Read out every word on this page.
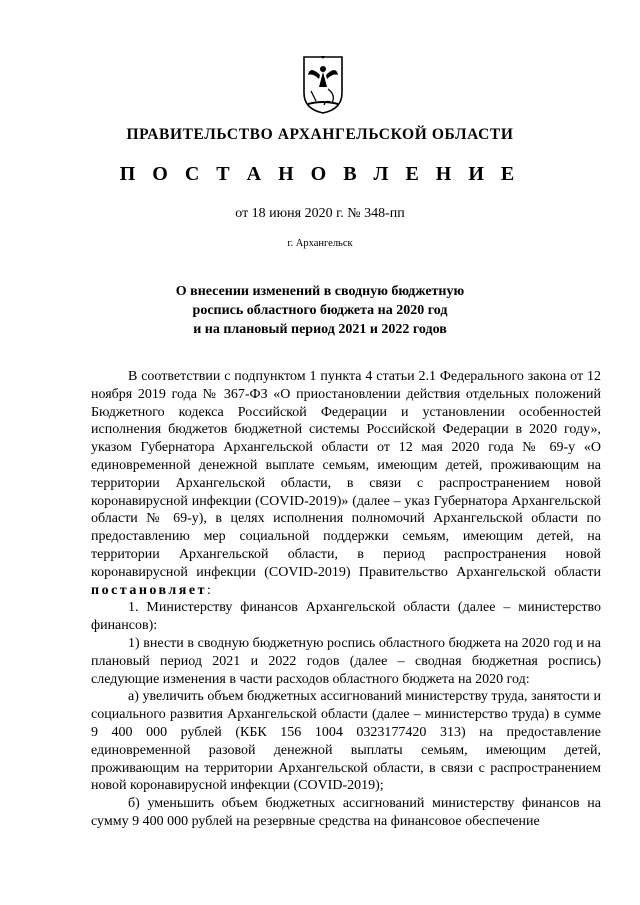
ПРАВИТЕЛЬСТВО АРХАНГЕЛЬСКОЙ ОБЛАСТИ
П О С Т А Н О В Л Е Н И Е
от 18 июня 2020 г. № 348-пп
г. Архангельск
О внесении изменений в сводную бюджетную
роспись областного бюджета на 2020 год
и на плановый период 2021 и 2022 годов

В соответствии с подпунктом 1 пункта 4 статьи 2.1 Федерального закона от 12 ноября 2019 года № 367-ФЗ «О приостановлении действия отдельных положений Бюджетного кодекса Российской Федерации и установлении особенностей исполнения бюджетов бюджетной системы Российской Федерации в 2020 году», указом Губернатора Архангельской области от 12 мая 2020 года № 69-у «О единовременной денежной выплате семьям, имеющим детей, проживающим на территории Архангельской области, в связи с распространением новой коронавирусной инфекции (COVID-2019)» (далее – указ Губернатора Архангельской области № 69-у), в целях исполнения полномочий Архангельской области по предоставлению мер социальной поддержки семьям, имеющим детей, на территории Архангельской области, в период распространения новой коронавирусной инфекции (COVID-2019) Правительство Архангельской области постановляет:

1. Министерству финансов Архангельской области (далее – министерство финансов):

1) внести в сводную бюджетную роспись областного бюджета на 2020 год и на плановый период 2021 и 2022 годов (далее – сводная бюджетная роспись) следующие изменения в части расходов областного бюджета на 2020 год:

а) увеличить объем бюджетных ассигнований министерству труда, занятости и социального развития Архангельской области (далее – министерство труда) в сумме 9 400 000 рублей (КБК 156 1004 0323177420 313) на предоставление единовременной разовой денежной выплаты семьям, имеющим детей, проживающим на территории Архангельской области, в связи с распространением новой коронавирусной инфекции (COVID-2019);

б) уменьшить объем бюджетных ассигнований министерству финансов на сумму 9 400 000 рублей на резервные средства на финансовое обеспечение
